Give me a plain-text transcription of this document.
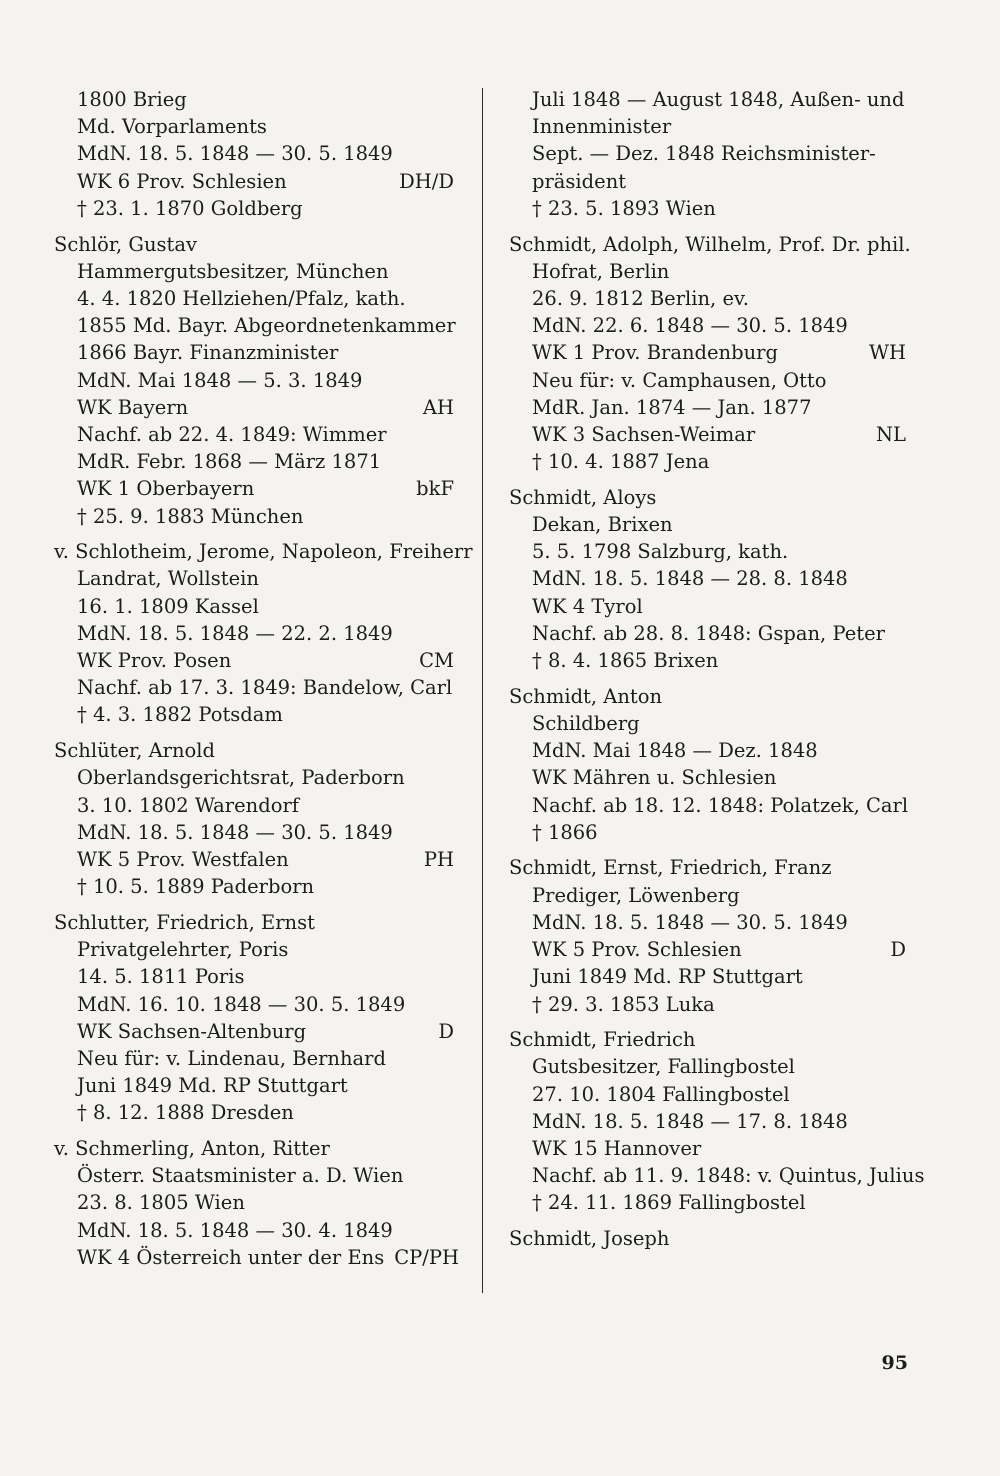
1800 Brieg
Md. Vorparlaments
MdN. 18. 5. 1848 — 30. 5. 1849
WK 6 Prov. Schlesien	DH/D
† 23. 1. 1870 Goldberg
Schlör, Gustav
Hammergutsbesitzer, München
4. 4. 1820 Hellziehen/Pfalz, kath.
1855 Md. Bayr. Abgeordnetenkammer
1866 Bayr. Finanzminister
MdN. Mai 1848 — 5. 3. 1849
WK Bayern	AH
Nachf. ab 22. 4. 1849: Wimmer
MdR. Febr. 1868 — März 1871
WK 1 Oberbayern	bkF
† 25. 9. 1883 München
v. Schlotheim, Jerome, Napoleon, Freiherr
Landrat, Wollstein
16. 1. 1809 Kassel
MdN. 18. 5. 1848 — 22. 2. 1849
WK Prov. Posen	CM
Nachf. ab 17. 3. 1849: Bandelow, Carl
† 4. 3. 1882 Potsdam
Schlüter, Arnold
Oberlandsgerichtsrat, Paderborn
3. 10. 1802 Warendorf
MdN. 18. 5. 1848 — 30. 5. 1849
WK 5 Prov. Westfalen	PH
† 10. 5. 1889 Paderborn
Schlutter, Friedrich, Ernst
Privatgelehrter, Poris
14. 5. 1811 Poris
MdN. 16. 10. 1848 — 30. 5. 1849
WK Sachsen-Altenburg	D
Neu für: v. Lindenau, Bernhard
Juni 1849 Md. RP Stuttgart
† 8. 12. 1888 Dresden
v. Schmerling, Anton, Ritter
Österr. Staatsminister a. D. Wien
23. 8. 1805 Wien
MdN. 18. 5. 1848 — 30. 4. 1849
WK 4 Österreich unter der Ens CP/PH
Juli 1848 — August 1848, Außen- und
Innenminister
Sept. — Dez. 1848 Reichsminister-
präsident
† 23. 5. 1893 Wien
Schmidt, Adolph, Wilhelm, Prof. Dr. phil.
Hofrat, Berlin
26. 9. 1812 Berlin, ev.
MdN. 22. 6. 1848 — 30. 5. 1849
WK 1 Prov. Brandenburg	WH
Neu für: v. Camphausen, Otto
MdR. Jan. 1874 — Jan. 1877
WK 3 Sachsen-Weimar	NL
† 10. 4. 1887 Jena
Schmidt, Aloys
Dekan, Brixen
5. 5. 1798 Salzburg, kath.
MdN. 18. 5. 1848 — 28. 8. 1848
WK 4 Tyrol
Nachf. ab 28. 8. 1848: Gspan, Peter
† 8. 4. 1865 Brixen
Schmidt, Anton
Schildberg
MdN. Mai 1848 — Dez. 1848
WK Mähren u. Schlesien
Nachf. ab 18. 12. 1848: Polatzek, Carl
† 1866
Schmidt, Ernst, Friedrich, Franz
Prediger, Löwenberg
MdN. 18. 5. 1848 — 30. 5. 1849
WK 5 Prov. Schlesien	D
Juni 1849 Md. RP Stuttgart
† 29. 3. 1853 Luka
Schmidt, Friedrich
Gutsbesitzer, Fallingbostel
27. 10. 1804 Fallingbostel
MdN. 18. 5. 1848 — 17. 8. 1848
WK 15 Hannover
Nachf. ab 11. 9. 1848: v. Quintus, Julius
† 24. 11. 1869 Fallingbostel
Schmidt, Joseph
95
